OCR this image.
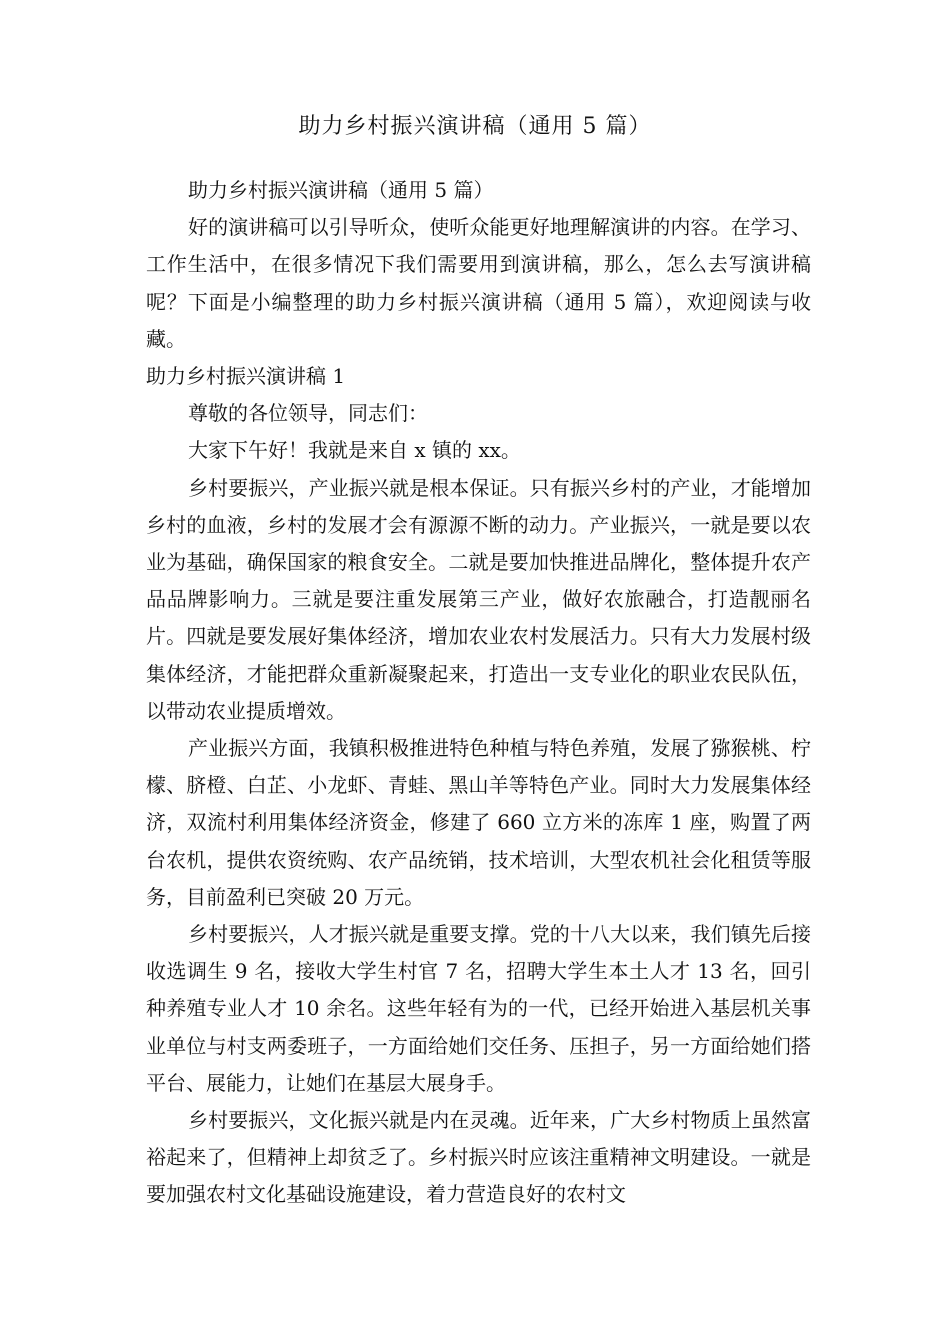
助力乡村振兴演讲稿（通用 5 篇）

助力乡村振兴演讲稿（通用 5 篇）

好的演讲稿可以引导听众，使听众能更好地理解演讲的内容。在学习、工作生活中，在很多情况下我们需要用到演讲稿，那么，怎么去写演讲稿呢？下面是小编整理的助力乡村振兴演讲稿（通用 5 篇），欢迎阅读与收藏。

助力乡村振兴演讲稿 1

尊敬的各位领导，同志们：

大家下午好！我就是来自 x 镇的 xx。

乡村要振兴，产业振兴就是根本保证。只有振兴乡村的产业，才能增加乡村的血液，乡村的发展才会有源源不断的动力。产业振兴，一就是要以农业为基础，确保国家的粮食安全。二就是要加快推进品牌化，整体提升农产品品牌影响力。三就是要注重发展第三产业，做好农旅融合，打造靓丽名片。四就是要发展好集体经济，增加农业农村发展活力。只有大力发展村级集体经济，才能把群众重新凝聚起来，打造出一支专业化的职业农民队伍，以带动农业提质增效。

产业振兴方面，我镇积极推进特色种植与特色养殖，发展了猕猴桃、柠檬、脐橙、白芷、小龙虾、青蛙、黑山羊等特色产业。同时大力发展集体经济，双流村利用集体经济资金，修建了 660 立方米的冻库 1 座，购置了两台农机，提供农资统购、农产品统销，技术培训，大型农机社会化租赁等服务，目前盈利已突破 20 万元。

乡村要振兴，人才振兴就是重要支撑。党的十八大以来，我们镇先后接收选调生 9 名，接收大学生村官 7 名，招聘大学生本土人才 13 名，回引种养殖专业人才 10 余名。这些年轻有为的一代，已经开始进入基层机关事业单位与村支两委班子，一方面给她们交任务、压担子，另一方面给她们搭平台、展能力，让她们在基层大展身手。

乡村要振兴，文化振兴就是内在灵魂。近年来，广大乡村物质上虽然富裕起来了，但精神上却贫乏了。乡村振兴时应该注重精神文明建设。一就是要加强农村文化基础设施建设，着力营造良好的农村文
